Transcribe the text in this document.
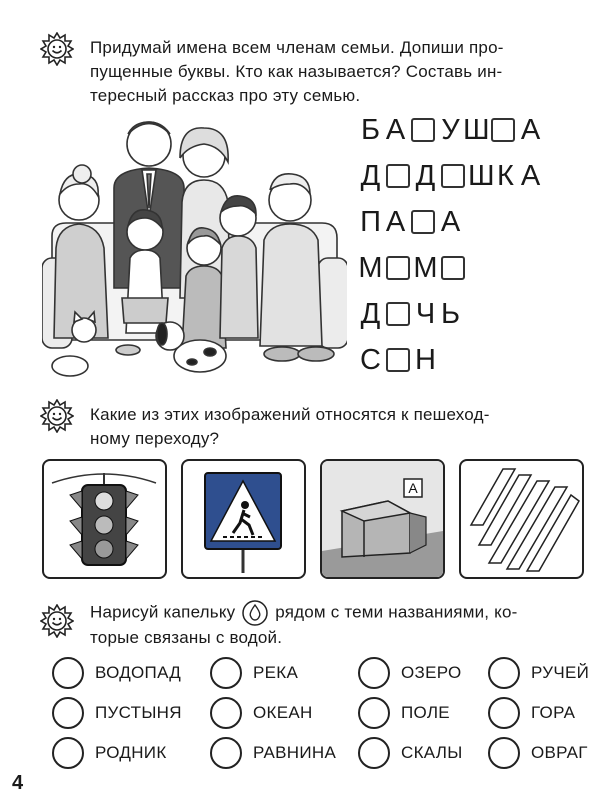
Придумай имена всем членам семьи. Допиши про-
пущенные буквы. Кто как называется? Составь ин-
тересный рассказ про эту семью.
Б А У Ш А
Д Д Ш К А
П А А
М М
Д Ч Ь
С Н
Какие из этих изображений относятся к пешеход-
ному переходу?
А
Нарисуй капельку рядом с теми названиями, ко-
торые связаны с водой.
ВОДОПАД	РЕКА	ОЗЕРО	РУЧЕЙ
ПУСТЫНЯ	ОКЕАН	ПОЛЕ	ГОРА
РОДНИК	РАВНИНА	СКАЛЫ	ОВРАГ
4
